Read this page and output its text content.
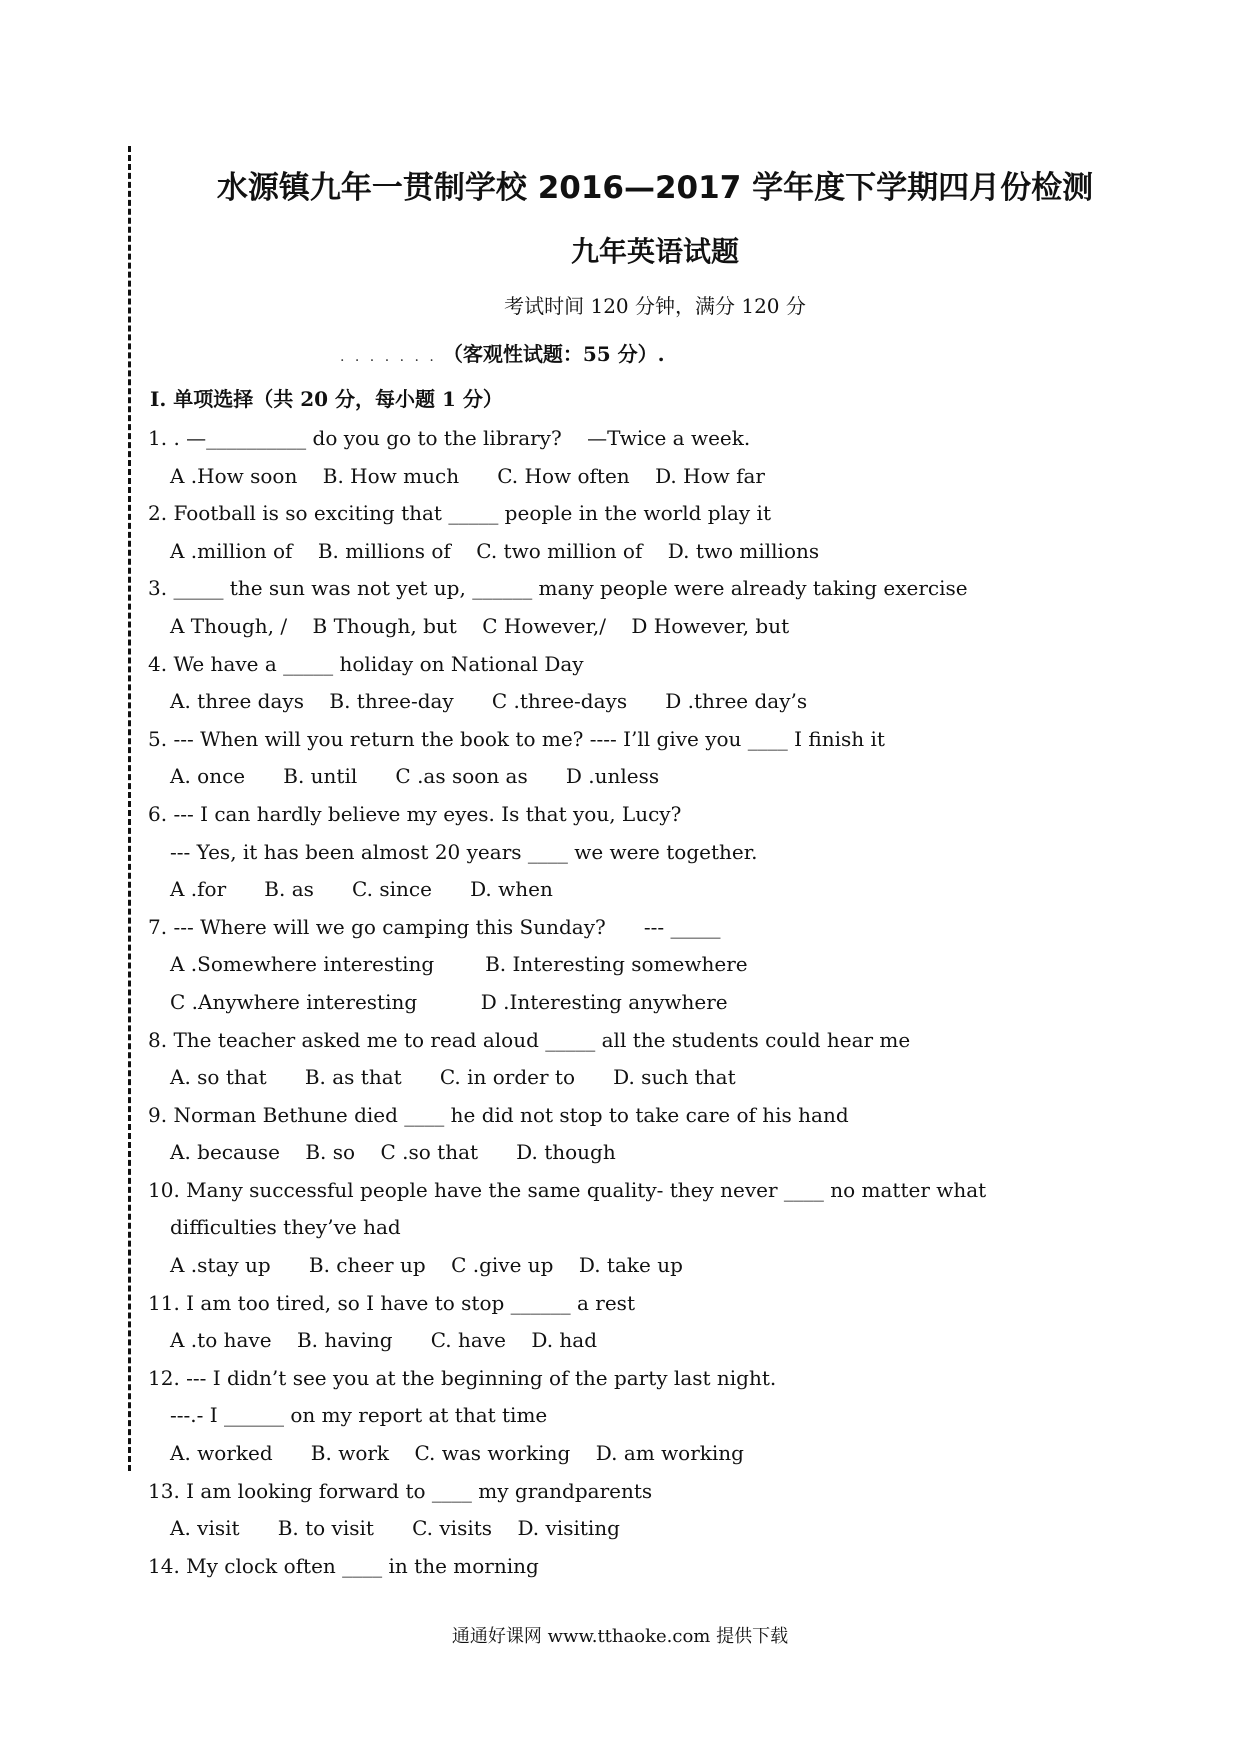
水源镇九年一贯制学校 2016—2017 学年度下学期四月份检测
九年英语试题
考试时间 120 分钟，满分 120 分
. . . . . . . （客观性试题：55 分）.
Ⅰ. 单项选择（共 20 分，每小题 1 分）
1. . —__________ do you go to the library?    —Twice a week.
A .How soon    B. How much      C. How often    D. How far
2. Football is so exciting that _____ people in the world play it
A .million of    B. millions of    C. two million of    D. two millions
3. _____ the sun was not yet up, ______ many people were already taking exercise
A Though, /    B Though, but    C However,/    D However, but
4. We have a _____ holiday on National Day
A. three days    B. three-day      C .three-days      D .three day’s
5. --- When will you return the book to me? ---- I’ll give you ____ I finish it
A. once      B. until      C .as soon as      D .unless
6. --- I can hardly believe my eyes. Is that you, Lucy?
--- Yes, it has been almost 20 years ____ we were together.
A .for      B. as      C. since      D. when
7. --- Where will we go camping this Sunday?      --- _____
A .Somewhere interesting        B. Interesting somewhere
C .Anywhere interesting          D .Interesting anywhere
8. The teacher asked me to read aloud _____ all the students could hear me
A. so that      B. as that      C. in order to      D. such that
9. Norman Bethune died ____ he did not stop to take care of his hand
A. because    B. so    C .so that      D. though
10. Many successful people have the same quality- they never ____ no matter what
difficulties they’ve had
A .stay up      B. cheer up    C .give up    D. take up
11. I am too tired, so I have to stop ______ a rest
A .to have    B. having      C. have    D. had
12. --- I didn’t see you at the beginning of the party last night.
---.- I ______ on my report at that time
A. worked      B. work    C. was working    D. am working
13. I am looking forward to ____ my grandparents
A. visit      B. to visit      C. visits    D. visiting
14. My clock often ____ in the morning
通通好课网 www.tthaoke.com 提供下载
